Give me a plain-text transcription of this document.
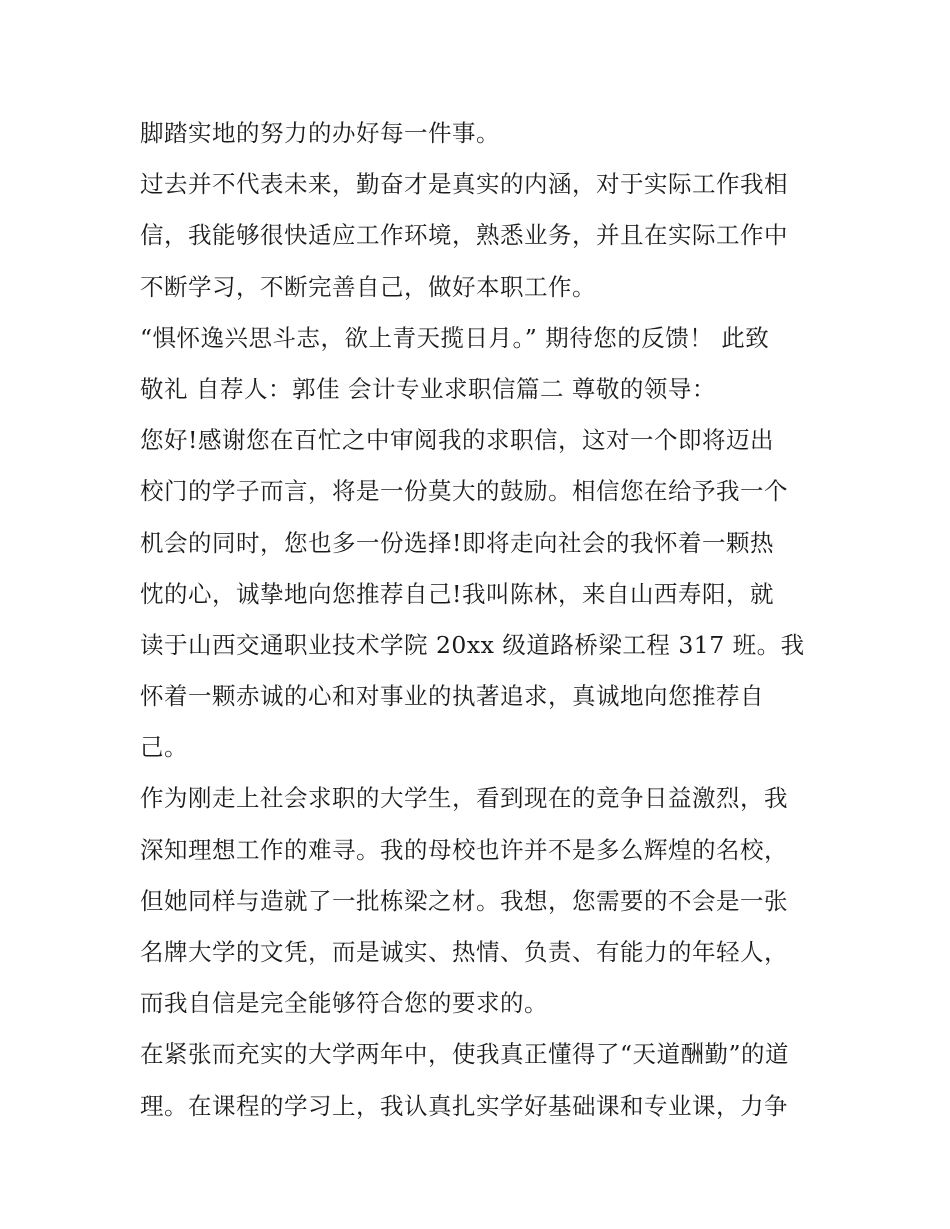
脚踏实地的努力的办好每一件事。
过去并不代表未来，勤奋才是真实的内涵，对于实际工作我相
信，我能够很快适应工作环境，熟悉业务，并且在实际工作中
不断学习，不断完善自己，做好本职工作。
“惧怀逸兴思斗志，欲上青天揽日月。” 期待您的反馈！ 此致
敬礼 自荐人：郭佳 会计专业求职信篇二 尊敬的领导：
您好!感谢您在百忙之中审阅我的求职信，这对一个即将迈出
校门的学子而言，将是一份莫大的鼓励。相信您在给予我一个
机会的同时，您也多一份选择!即将走向社会的我怀着一颗热
忱的心，诚挚地向您推荐自己!我叫陈林，来自山西寿阳，就
读于山西交通职业技术学院 20xx 级道路桥梁工程 317 班。我
怀着一颗赤诚的心和对事业的执著追求，真诚地向您推荐自
己。
作为刚走上社会求职的大学生，看到现在的竞争日益激烈，我
深知理想工作的难寻。我的母校也许并不是多么辉煌的名校，
但她同样与造就了一批栋梁之材。我想，您需要的不会是一张
名牌大学的文凭，而是诚实、热情、负责、有能力的年轻人，
而我自信是完全能够符合您的要求的。
在紧张而充实的大学两年中，使我真正懂得了“天道酬勤”的道
理。在课程的学习上，我认真扎实学好基础课和专业课，力争
